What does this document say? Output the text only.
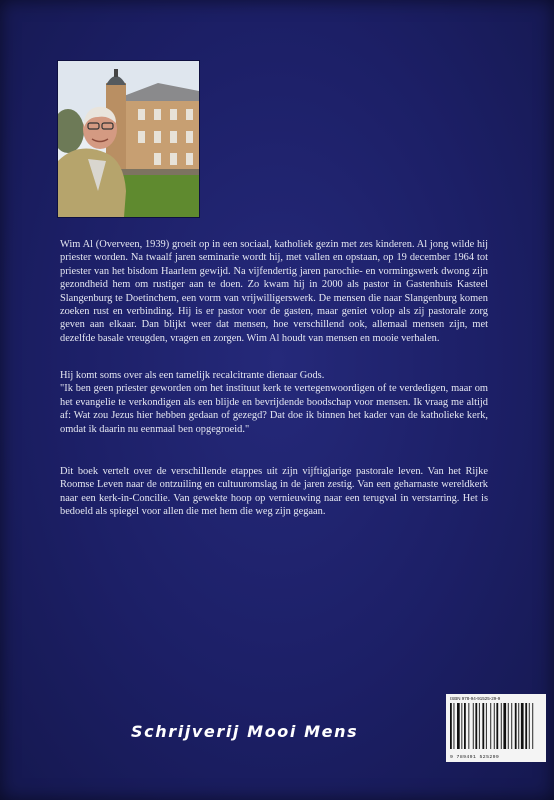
Wim Al (Overveen, 1939) groeit op in een sociaal, katholiek gezin met zes kinderen. Al jong wilde hij priester worden. Na twaalf jaren seminarie wordt hij, met vallen en opstaan, op 19 december 1964 tot priester van het bisdom Haarlem gewijd. Na vijfendertig jaren parochie- en vormingswerk dwong zijn gezondheid hem om rustiger aan te doen. Zo kwam hij in 2000 als pastor in Gastenhuis Kasteel Slangenburg te Doetinchem, een vorm van vrijwilligerswerk. De mensen die naar Slangenburg komen zoeken rust en verbinding. Hij is er pastor voor de gasten, maar geniet volop als zij pastorale zorg geven aan elkaar. Dan blijkt weer dat mensen, hoe verschillend ook, allemaal mensen zijn, met dezelfde basale vreugden, vragen en zorgen. Wim Al houdt van mensen en mooie verhalen.

Hij komt soms over als een tamelijk recalcitrante dienaar Gods.

"Ik ben geen priester geworden om het instituut kerk te vertegenwoordigen of te verdedigen, maar om het evangelie te verkondigen als een blijde en bevrijdende boodschap voor mensen. Ik vraag me altijd af: Wat zou Jezus hier hebben gedaan of gezegd? Dat doe ik binnen het kader van de katholieke kerk, omdat ik daarin nu eenmaal ben opgegroeid."

Dit boek vertelt over de verschillende etappes uit zijn vijftigjarige pastorale leven. Van het Rijke Roomse Leven naar de ontzuiling en cultuuromslag in de jaren zestig. Van een geharnaste wereldkerk naar een kerk-in-Concilie. Van gewekte hoop op vernieuwing naar een terugval in verstarring. Het is bedoeld als spiegel voor allen die met hem die weg zijn gegaan.

ISBN 978-94-91525-29-9
9 789491 525299
Schrijverij Mooi Mens
